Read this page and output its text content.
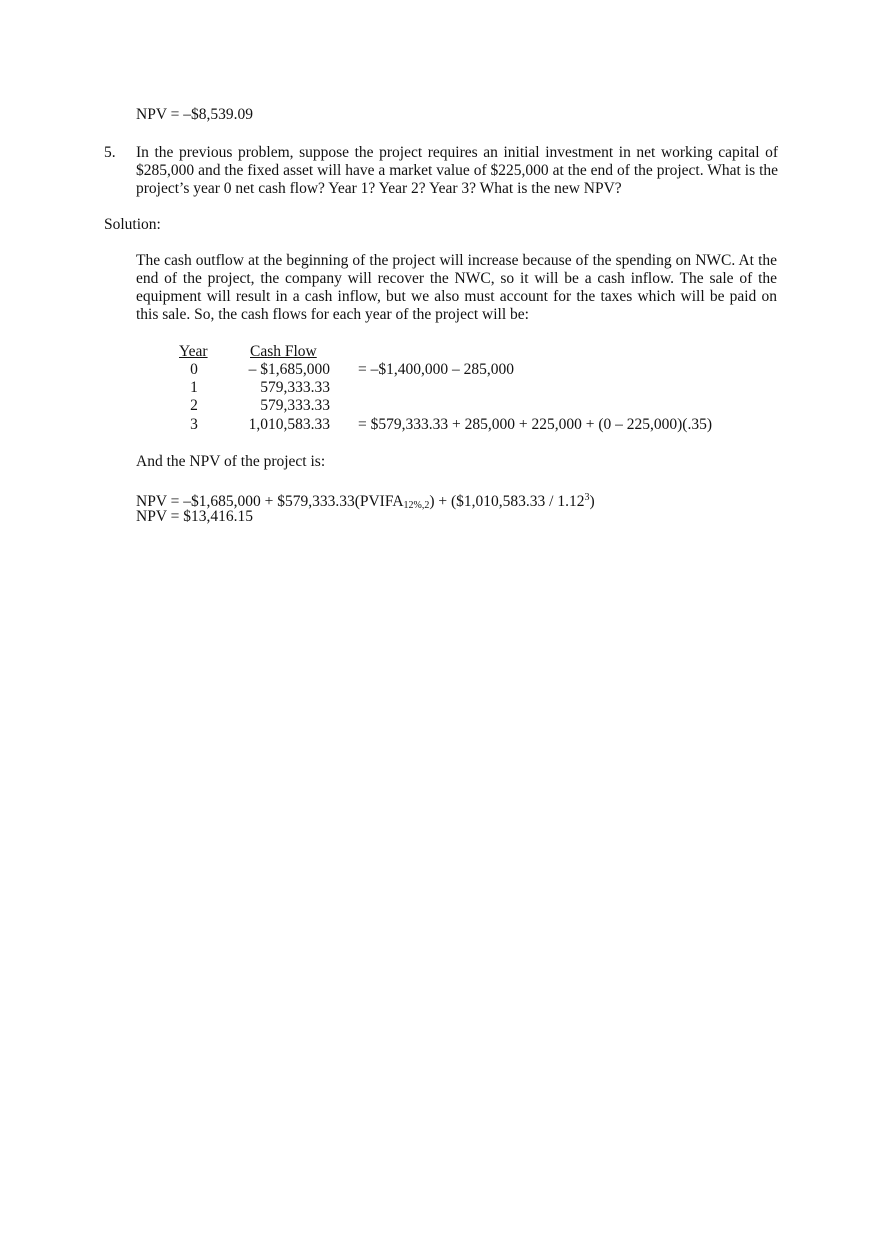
NPV = –$8,539.09
5. In the previous problem, suppose the project requires an initial investment in net working capital of $285,000 and the fixed asset will have a market value of $225,000 at the end of the project. What is the project’s year 0 net cash flow? Year 1? Year 2? Year 3? What is the new NPV?
Solution:
The cash outflow at the beginning of the project will increase because of the spending on NWC. At the end of the project, the company will recover the NWC, so it will be a cash inflow. The sale of the equipment will result in a cash inflow, but we also must account for the taxes which will be paid on this sale. So, the cash flows for each year of the project will be:
Year	Cash Flow
0	– $1,685,000 = –$1,400,000 – 285,000
1	579,333.33
2	579,333.33
3	1,010,583.33 = $579,333.33 + 285,000 + 225,000 + (0 – 225,000)(.35)
And the NPV of the project is:
NPV = –$1,685,000 + $\$579,333.33(PVIFA_{12\%,2})$ + ($1,010,583.33 / 1.12$^3$)
NPV = $13,416.15
